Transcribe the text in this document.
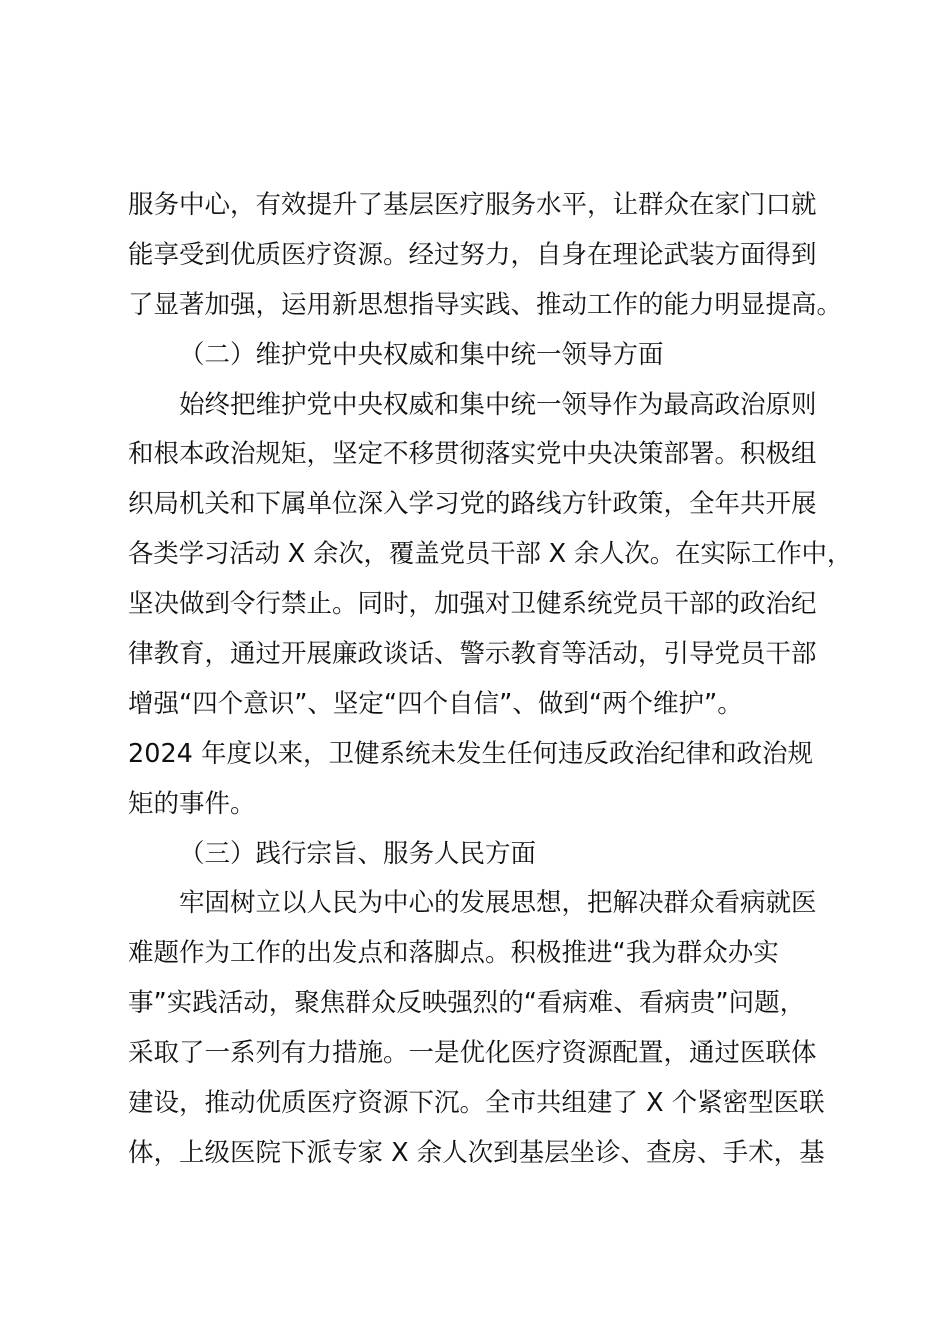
服务中心，有效提升了基层医疗服务水平，让群众在家门口就
能享受到优质医疗资源。经过努力，自身在理论武装方面得到
了显著加强，运用新思想指导实践、推动工作的能力明显提高。
（二）维护党中央权威和集中统一领导方面
始终把维护党中央权威和集中统一领导作为最高政治原则
和根本政治规矩，坚定不移贯彻落实党中央决策部署。积极组
织局机关和下属单位深入学习党的路线方针政策，全年共开展
各类学习活动 X 余次，覆盖党员干部 X 余人次。在实际工作中，
坚决做到令行禁止。同时，加强对卫健系统党员干部的政治纪
律教育，通过开展廉政谈话、警示教育等活动，引导党员干部
增强“四个意识”、坚定“四个自信”、做到“两个维护”。
2024 年度以来，卫健系统未发生任何违反政治纪律和政治规
矩的事件。
（三）践行宗旨、服务人民方面
牢固树立以人民为中心的发展思想，把解决群众看病就医
难题作为工作的出发点和落脚点。积极推进“我为群众办实
事”实践活动，聚焦群众反映强烈的“看病难、看病贵”问题，
采取了一系列有力措施。一是优化医疗资源配置，通过医联体
建设，推动优质医疗资源下沉。全市共组建了 X 个紧密型医联
体，上级医院下派专家 X 余人次到基层坐诊、查房、手术，基
